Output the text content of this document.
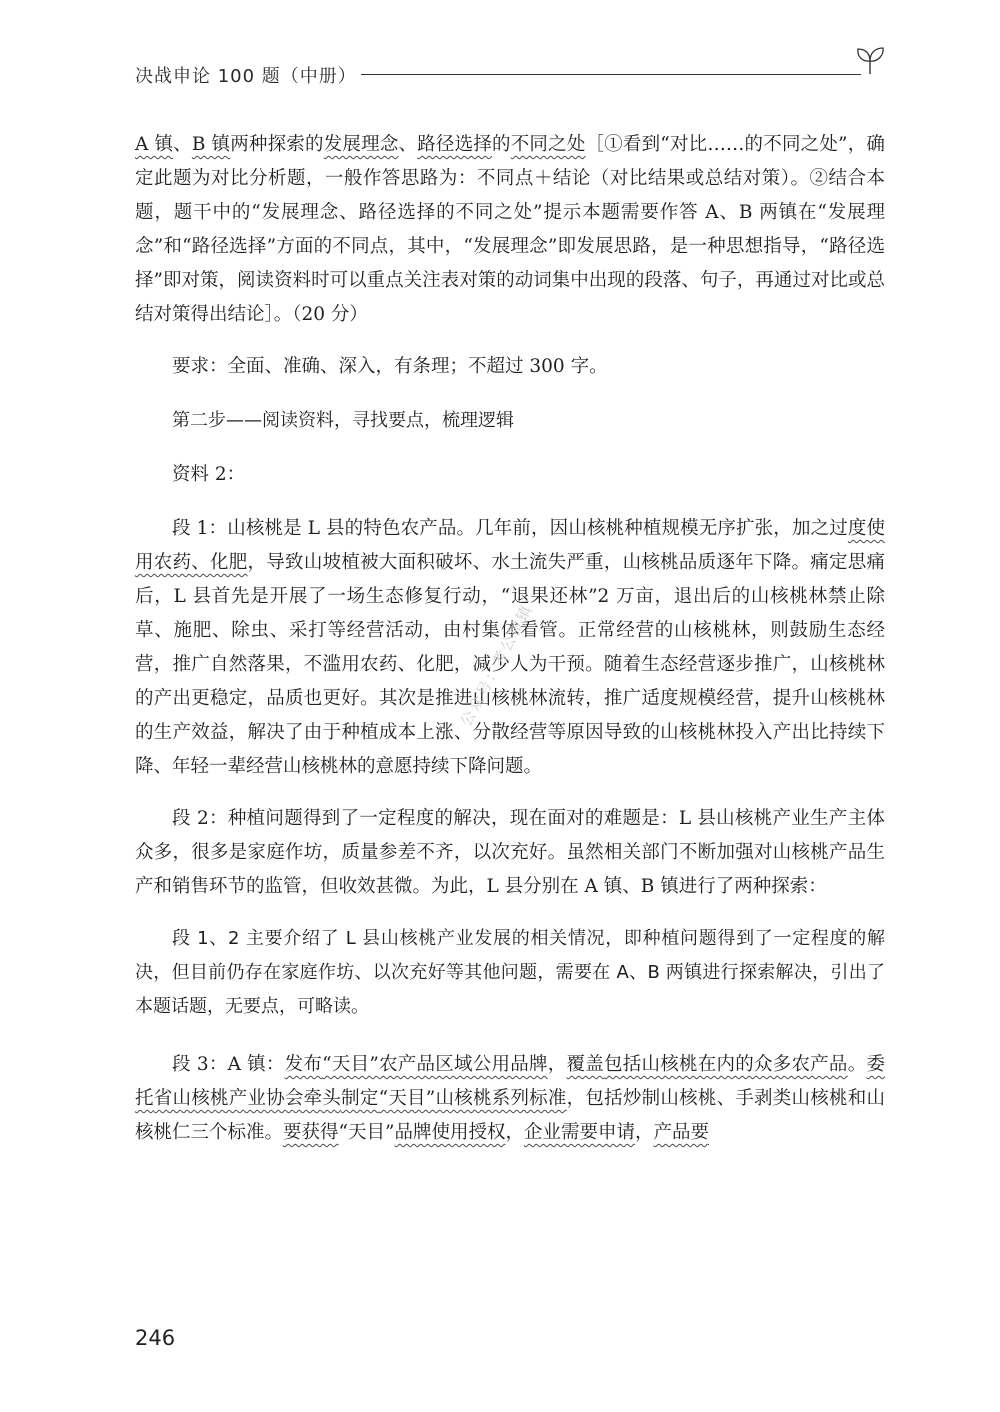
决战申论 100 题（中册）

A 镇、B 镇两种探索的发展理念、路径选择的不同之处［①看到“对比……的不同之处”，确定此题为对比分析题，一般作答思路为：不同点＋结论（对比结果或总结对策）。②结合本题，题干中的“发展理念、路径选择的不同之处”提示本题需要作答 A、B 两镇在“发展理念”和“路径选择”方面的不同点，其中，“发展理念”即发展思路，是一种思想指导，“路径选择”即对策，阅读资料时可以重点关注表对策的动词集中出现的段落、句子，再通过对比或总结对策得出结论］。（20 分）

要求：全面、准确、深入，有条理；不超过 300 字。

第二步——阅读资料，寻找要点，梳理逻辑

资料 2：

段 1：山核桃是 L 县的特色农产品。几年前，因山核桃种植规模无序扩张，加之过度使用农药、化肥，导致山坡植被大面积破坏、水土流失严重，山核桃品质逐年下降。痛定思痛后，L 县首先是开展了一场生态修复行动，“退果还林”2 万亩，退出后的山核桃林禁止除草、施肥、除虫、采打等经营活动，由村集体看管。正常经营的山核桃林，则鼓励生态经营，推广自然落果，不滥用农药、化肥，减少人为干预。随着生态经营逐步推广，山核桃林的产出更稳定，品质也更好。其次是推进山核桃林流转，推广适度规模经营，提升山核桃林的生产效益，解决了由于种植成本上涨、分散经营等原因导致的山核桃林投入产出比持续下降、年轻一辈经营山核桃林的意愿持续下降问题。

段 2：种植问题得到了一定程度的解决，现在面对的难题是：L 县山核桃产业生产主体众多，很多是家庭作坊，质量参差不齐，以次充好。虽然相关部门不断加强对山核桃产品生产和销售环节的监管，但收效甚微。为此，L 县分别在 A 镇、B 镇进行了两种探索：

段 1、2 主要介绍了 L 县山核桃产业发展的相关情况，即种植问题得到了一定程度的解决，但目前仍存在家庭作坊、以次充好等其他问题，需要在 A、B 两镇进行探索解决，引出了本题话题，无要点，可略读。

段 3：A 镇：发布“天目”农产品区域公用品牌，覆盖包括山核桃在内的众多农产品。委托省山核桃产业协会牵头制定“天目”山核桃系列标准，包括炒制山核桃、手剥类山核桃和山核桃仁三个标准。要获得“天目”品牌使用授权，企业需要申请，产品要

公众号：考公微镇
246
